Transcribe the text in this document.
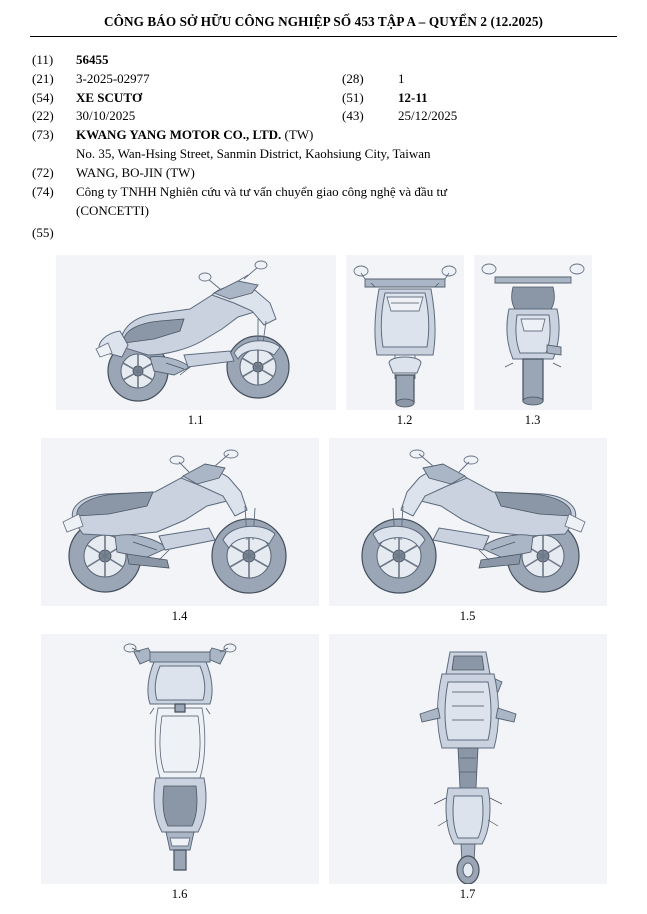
CÔNG BÁO SỞ HỮU CÔNG NGHIỆP SỐ 453 TẬP A – QUYỂN 2 (12.2025)
(11)	56455
(21)	3-2025-02977	(28)	1
(54)	XE SCUTƠ	(51)	12-11
(22)	30/10/2025	(43)	25/12/2025
(73)	KWANG YANG MOTOR CO., LTD. (TW)
No. 35, Wan-Hsing Street, Sanmin District, Kaohsiung City, Taiwan
(72)	WANG, BO-JIN (TW)
(74)	Công ty TNHH Nghiên cứu và tư vấn chuyển giao công nghệ và đầu tư
(CONCETTI)
(55)
1.1	1.2	1.3
1.4	1.5
1.6	1.7
